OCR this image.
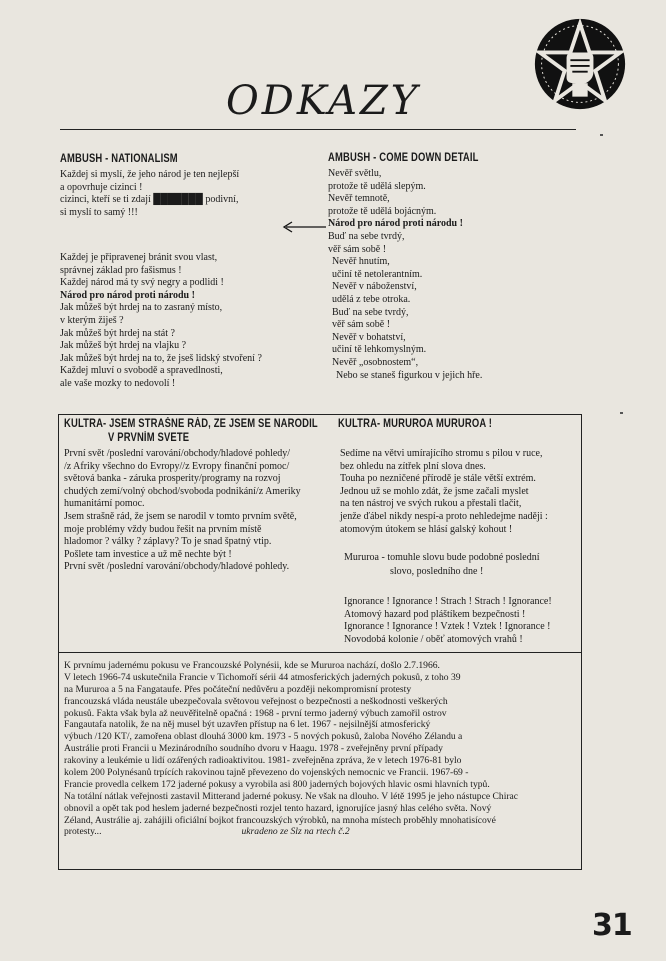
ODKAZY
AMBUSH - NATIONALISM
Každej si myslí, že jeho národ je ten nejlepší
a opovrhuje cizinci !
cizinci, kteří se ti zdají ███████ podivní,
si myslí to samý !!!
Každej je připravenej bránit svou vlast,
správnej základ pro fašismus !
Každej národ má ty svý negry a podlidi !
Národ pro národ proti národu !
Jak můžeš být hrdej na to zasraný místo,
v kterým žiješ ?
Jak můžeš být hrdej na stát ?
Jak můžeš být hrdej na vlajku ?
Jak můžeš být hrdej na to, že jseš lidský stvoření ?
Každej mluví o svobodě a spravedlnosti,
ale vaše mozky to nedovolí !
AMBUSH - COME DOWN DETAIL
Nevěř světlu,
protože tě udělá slepým.
Nevěř temnotě,
protože tě udělá bojácným.
Národ pro národ proti národu !
Buď na sebe tvrdý,
věř sám sobě !
Nevěř hnutím,
učiní tě netolerantním.
Nevěř v náboženství,
udělá z tebe otroka.
Buď na sebe tvrdý,
věř sám sobě !
Nevěř v bohatství,
učiní tě lehkomyslným.
Nevěř „osobnostem“,
Nebo se staneš figurkou v jejich hře.
KULTRA- JSEM STRAŠNE RÁD, ZE JSEM SE NARODIL
V PRVNÍM SVETE
První svět /poslední varování/obchody/hladové pohledy/
/z Afriky všechno do Evropy//z Evropy finanční pomoc/
světová banka - záruka prosperity/programy na rozvoj
chudých zemí/volný obchod/svoboda podnikání/z Ameriky
humanitární pomoc.
Jsem strašně rád, že jsem se narodil v tomto prvním světě,
moje problémy vždy budou řešit na prvním místě
hladomor ? války ? záplavy? To je snad špatný vtip.
Pošlete tam investice a už mě nechte být !
První svět /poslední varování/obchody/hladové pohledy.
KULTRA- MURUROA MURUROA !
Sedíme na větvi umírajícího stromu s pilou v ruce,
bez ohledu na zítřek plní slova dnes.
Touha po nezničené přírodě je stále větší extrém.
Jednou už se mohlo zdát, že jsme začali myslet
na ten nástroj ve svých rukou a přestali tlačit,
jenže ďábel nikdy nespí-a proto nehledejme naději :
atomovým útokem se hlásí galský kohout !
Mururoa - tomuhle slovu bude podobné poslední
slovo, posledního dne !
Ignorance ! Ignorance ! Strach ! Strach ! Ignorance!
Atomový hazard pod pláštíkem bezpečnosti !
Ignorance ! Ignorance ! Vztek ! Vztek ! Ignorance !
Novodobá kolonie / oběť atomových vrahů !
K prvnímu jadernému pokusu ve Francouzské Polynésii, kde se Mururoa nachází, došlo 2.7.1966.
V letech 1966-74 uskutečnila Francie v Tichomoří sérii 44 atmosferických jaderných pokusů, z toho 39
na Mururoa a 5 na Fangataufe. Přes počáteční nedůvěru a později nekompromisní protesty
francouzská vláda neustále ubezpečovala světovou veřejnost o bezpečnosti a neškodnosti veškerých
pokusů. Fakta však byla až neuvěřitelně opačná : 1968 - první termo jaderný výbuch zamořil ostrov
Fangautafa natolik, že na něj musel být uzavřen přístup na 6 let. 1967 - nejsilnější atmosferický
výbuch /120 KT/, zamořena oblast dlouhá 3000 km. 1973 - 5 nových pokusů, žaloba Nového Zélandu a
Austrálie proti Francii u Mezinárodního soudního dvoru v Haagu. 1978 - zveřejněny první případy
rakoviny a leukémie u lidí ozářených radioaktivitou. 1981- zveřejněna zpráva, že v letech 1976-81 bylo
kolem 200 Polynésanů trpících rakovinou tajně převezeno do vojenských nemocnic ve Francii. 1967-69 -
Francie provedla celkem 172 jaderné pokusy a vyrobila asi 800 jaderných bojových hlavic osmi hlavních typů.
Na totální nátlak veřejnosti zastavil Mitterand jaderné pokusy. Ne však na dlouho. V létě 1995 je jeho nástupce Chirac
obnovil a opět tak pod heslem jaderné bezpečnosti rozjel tento hazard, ignorujíce jasný hlas celého světa. Nový
Zéland, Austrálie aj. zahájili oficiální bojkot francouzských výrobků, na mnoha místech proběhly mnohatisícové
protesty...	ukradeno ze Slz na rtech č.2
31
